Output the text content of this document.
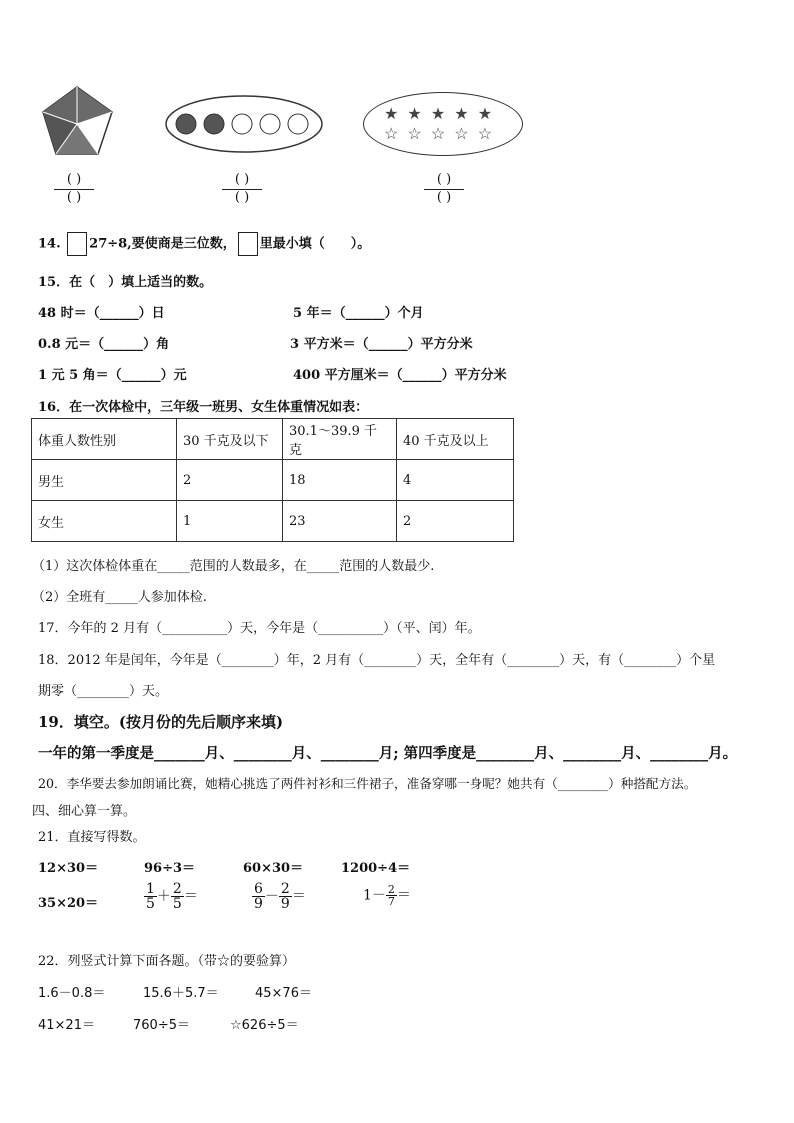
★ ★ ★ ★ ★
☆ ☆ ☆ ☆ ☆
( )
( )
( )
( )
( )
( )
14. 27÷8,要使商是三位数， 里最小填（　　）。
15．在（　）填上适当的数。
48 时＝（______）日	5 年＝（______）个月
0.8 元＝（______）角	3 平方米＝（______）平方分米
1 元 5 角＝（______）元	400 平方厘米＝（______）平方分米
16．在一次体检中，三年级一班男、女生体重情况如表：
体重人数性别	30 千克及以下	30.1～39.9 千克	40 千克及以上
男生	2	18	4
女生	1	23	2
（1）这次体检体重在_____范围的人数最多，在_____范围的人数最少.
（2）全班有_____人参加体检.
17．今年的 2 月有（__________）天，今年是（__________）（平、闰）年。
18．2012 年是闰年，今年是（________）年，2 月有（________）天，全年有（________）天，有（________）个星
期零（________）天。
19．填空。(按月份的先后顺序来填)
一年的第一季度是_______月、________月、________月; 第四季度是________月、________月、________月。
20．李华要去参加朗诵比赛，她精心挑选了两件衬衫和三件裙子，准备穿哪一身呢？她共有（________）种搭配方法。
四、细心算一算。
21．直接写得数。
12×30＝	96÷3＝	60×30＝	1200÷4＝
35×20＝	$\frac{1}{5} + \frac{2}{5}$ ＝	$\frac{6}{9} - \frac{2}{9}$ ＝	$1- \frac{2}{7}$ ＝
22．列竖式计算下面各题。（带☆的要验算）
1.6－0.8＝	15.6＋5.7＝	45×76＝
41×21＝	760÷5＝	☆626÷5＝
